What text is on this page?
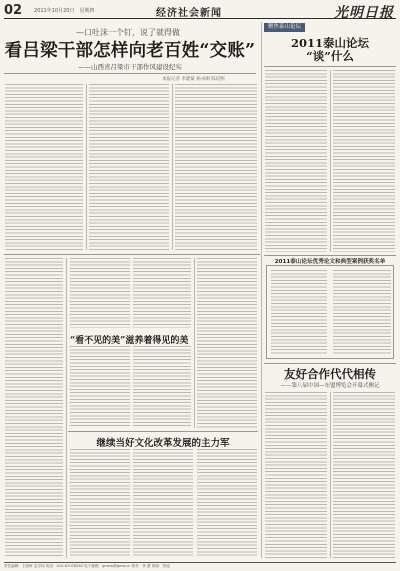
02 2011年10月20日　星期四	经济社会新闻	光明日报
—口吐沫一个钉，说了就得做
看吕梁干部怎样向老百姓“交账”
——山西省吕梁市干部作风建设纪实
本报记者 李建斌 杨永刚 陈培熙
聚焦泰山论坛
2011泰山论坛
“谈”什么
2011泰山论坛优秀论文和典型案例获奖名单
友好合作代代相传
——第八届中国—东盟博览会开幕式侧记
“看不见的美”滋养着得见的美
继续当好文化改革发展的主力军
责任编辑：王晓晖 孟学伟 电话：010-67078263 电子邮箱：gmxw@gmw.cn 校对：李 蕾 排版：张迪
